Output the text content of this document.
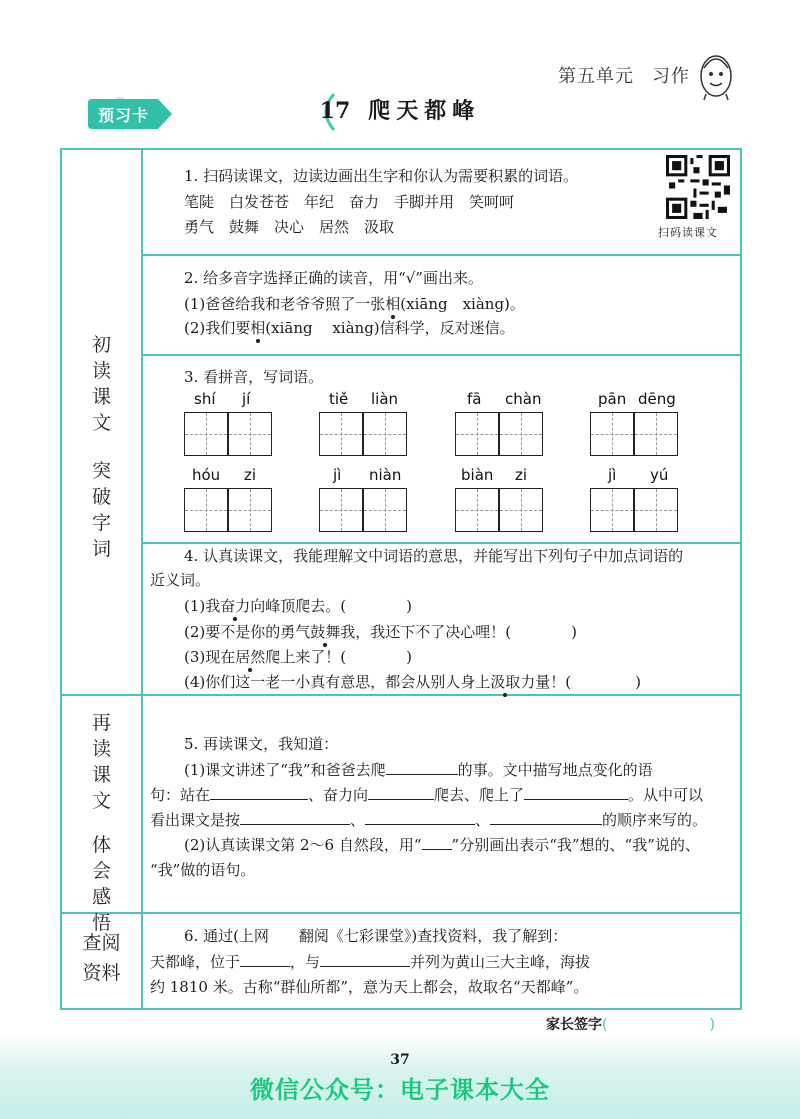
第五单元 习作
预习卡	17 爬天都峰
初
读
课
文
突
破
字
词
再
读
课
文
体
会
感
悟
查阅
资料
1. 扫码读课文，边读边画出生字和你认为需要积累的词语。
笔陡　白发苍苍　年纪　奋力　手脚并用　笑呵呵
勇气　鼓舞　决心　居然　汲取	扫码读课文
2. 给多音字选择正确的读音，用“√”画出来。
(1)爸爸给我和老爷爷照了一张相(xiāng　xiàng)。
(2)我们要相(xiāng　 xiàng)信科学，反对迷信。
3. 看拼音，写词语。
shí jí	tiě liàn	fā chàn	pān dēng
hóu zi	jì niàn	biàn zi	jì yú
4. 认真读课文，我能理解文中词语的意思，并能写出下列句子中加点词语的
近义词。
(1)我奋力向峰顶爬去。(	)
(2)要不是你的勇气鼓舞我，我还下不了决心哩！(	)
(3)现在居然爬上来了！(	)
(4)你们这一老一小真有意思，都会从别人身上汲取力量！(	)
5. 再读课文，我知道：
(1)课文讲述了“我”和爸爸去爬	的事。文中描写地点变化的语
句：站在	、奋力向	爬去、爬上了	。从中可以
看出课文是按	、	、	的顺序来写的。
(2)认真读课文第 2～6 自然段，用“ ”分别画出表示“我”想的、“我”说的、
“我”做的语句。
6. 通过(上网　　翻阅《七彩课堂》)查找资料，我了解到：
天都峰，位于	，与	并列为黄山三大主峰，海拔
约 1810 米。古称“群仙所都”，意为天上都会，故取名“天都峰”。
家长签字(	)
37
微信公众号：电子课本大全
